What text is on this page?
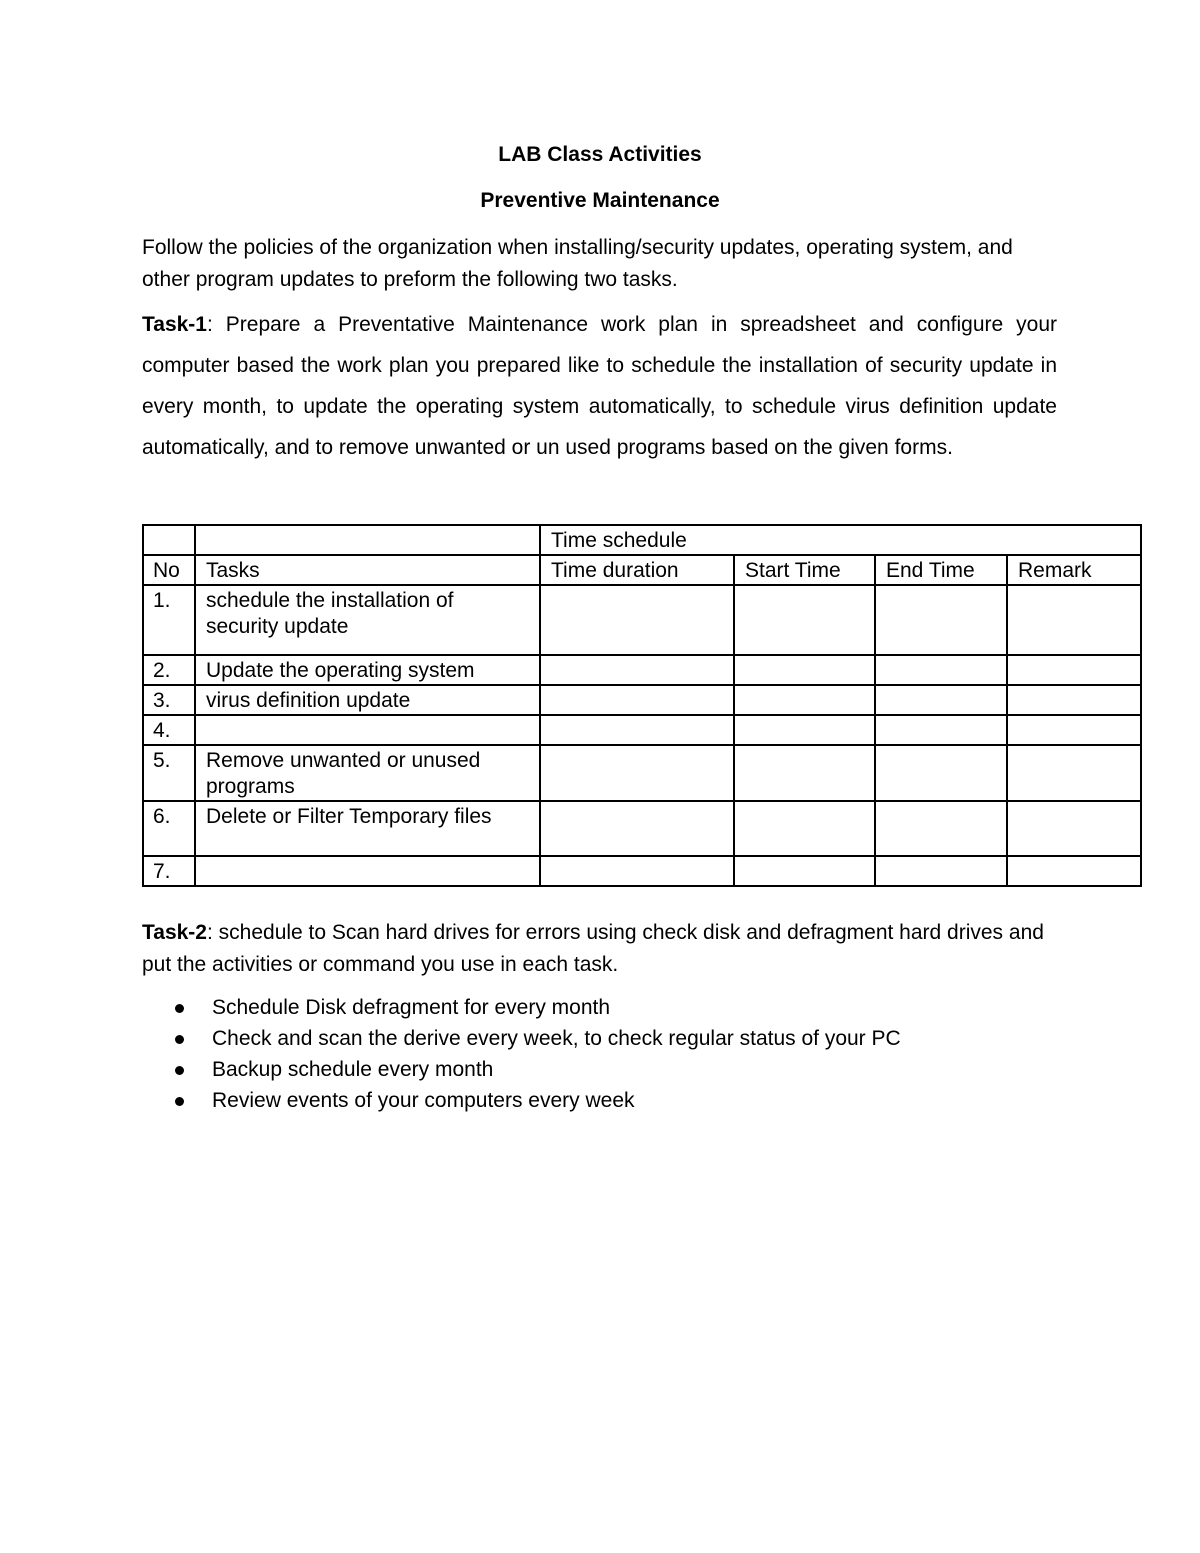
LAB Class Activities
Preventive Maintenance

Follow the policies of the organization when installing/security updates, operating system, and other program updates to preform the following two tasks.

Task-1: Prepare a Preventative Maintenance work plan in spreadsheet and configure your computer based the work plan you prepared like to schedule the installation of security update in every month, to update the operating system automatically, to schedule virus definition update automatically, and to remove unwanted or un used programs based on the given forms.

		Time schedule			
No	Tasks	Time duration	Start Time	End Time	Remark
1.	schedule the installation of security update				
2.	Update the operating system				
3.	virus definition update				
4.					
5.	Remove unwanted or unused programs				
6.	Delete or Filter Temporary files				
7.					

Task-2: schedule to Scan hard drives for errors using check disk and defragment hard drives and put the activities or command you use in each task.

Schedule Disk defragment for every month
Check and scan the derive every week, to check regular status of your PC
Backup schedule every month
Review events of your computers every week
